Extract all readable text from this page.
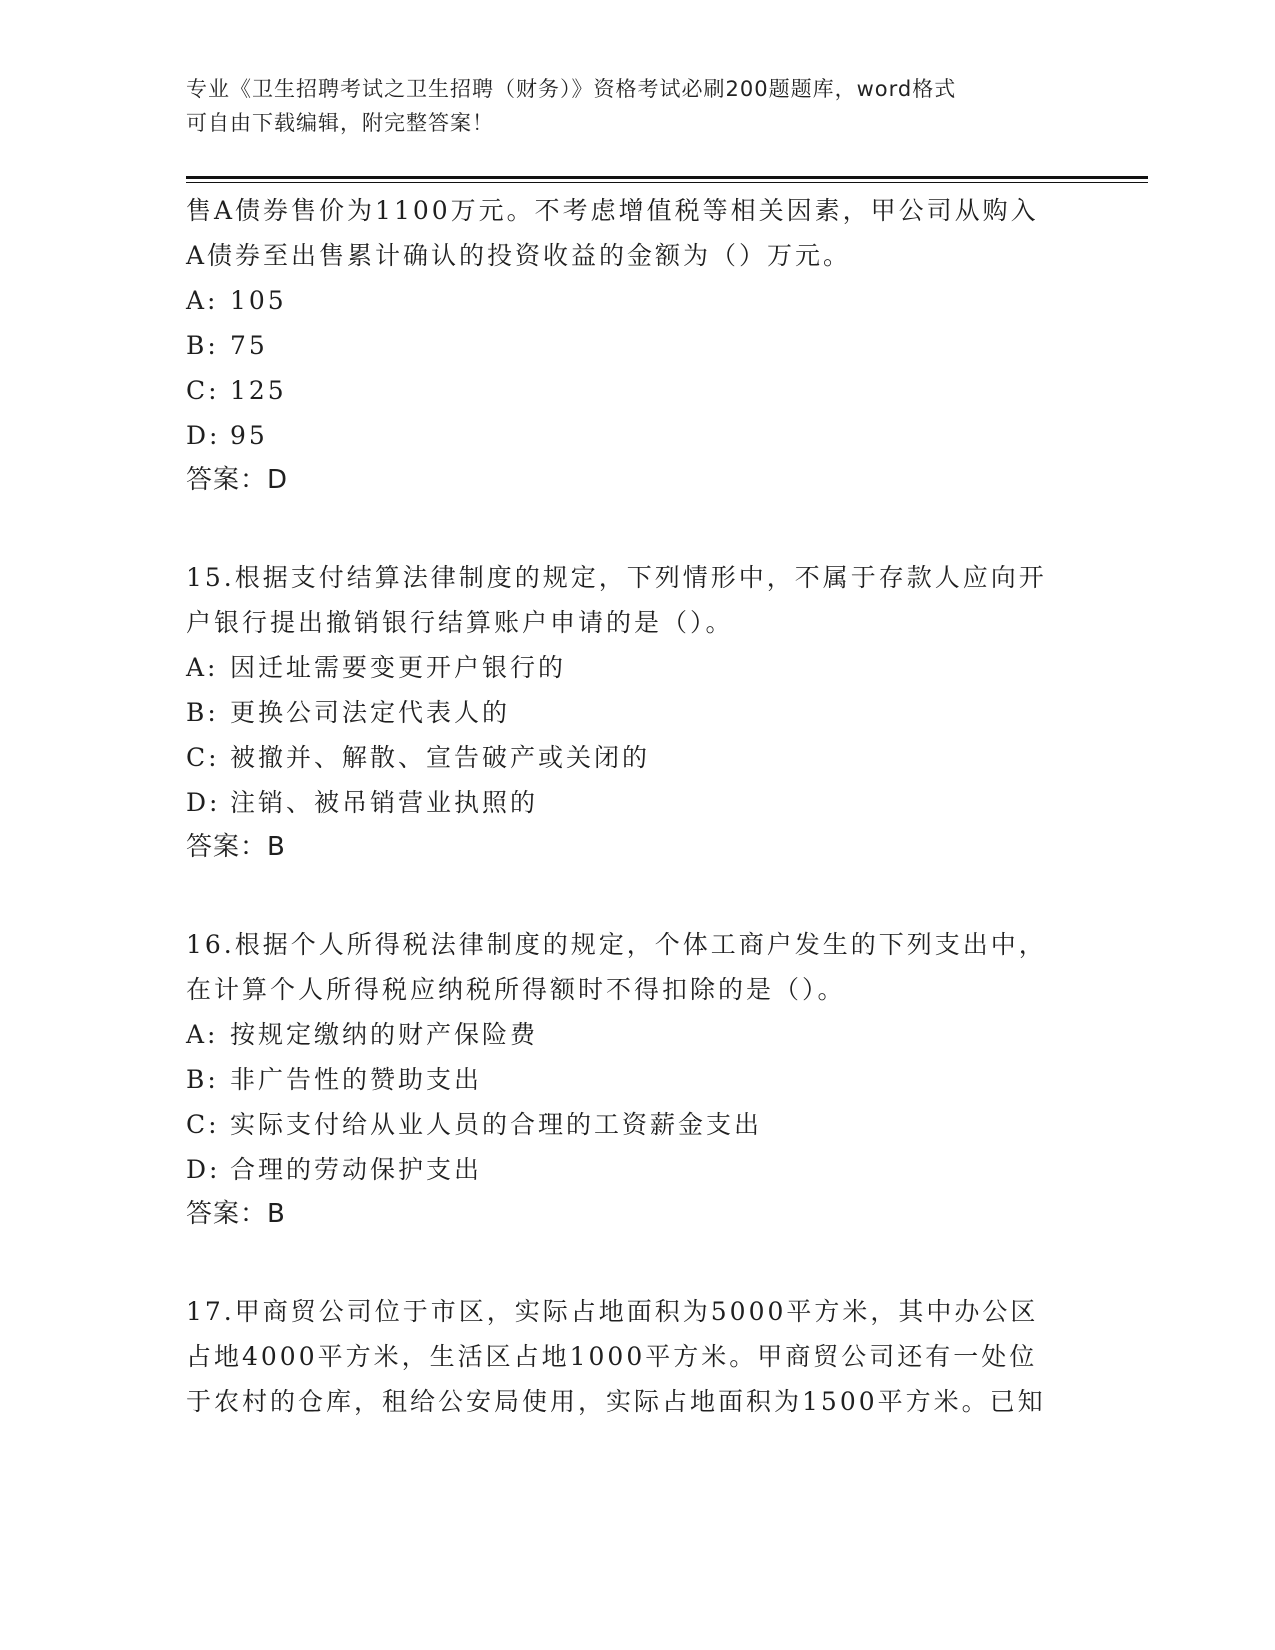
专业《卫生招聘考试之卫生招聘（财务）》资格考试必刷200题题库，word格式
可自由下载编辑，附完整答案！
售A债券售价为1100万元。不考虑增值税等相关因素，甲公司从购入
A债券至出售累计确认的投资收益的金额为（）万元。
A: 105
B: 75
C: 125
D: 95
答案：D
15.根据支付结算法律制度的规定，下列情形中，不属于存款人应向开
户银行提出撤销银行结算账户申请的是（）。
A: 因迁址需要变更开户银行的
B: 更换公司法定代表人的
C: 被撤并、解散、宣告破产或关闭的
D: 注销、被吊销营业执照的
答案：B
16.根据个人所得税法律制度的规定，个体工商户发生的下列支出中，
在计算个人所得税应纳税所得额时不得扣除的是（）。
A: 按规定缴纳的财产保险费
B: 非广告性的赞助支出
C: 实际支付给从业人员的合理的工资薪金支出
D: 合理的劳动保护支出
答案：B
17.甲商贸公司位于市区，实际占地面积为5000平方米，其中办公区
占地4000平方米，生活区占地1000平方米。甲商贸公司还有一处位
于农村的仓库，租给公安局使用，实际占地面积为1500平方米。已知
